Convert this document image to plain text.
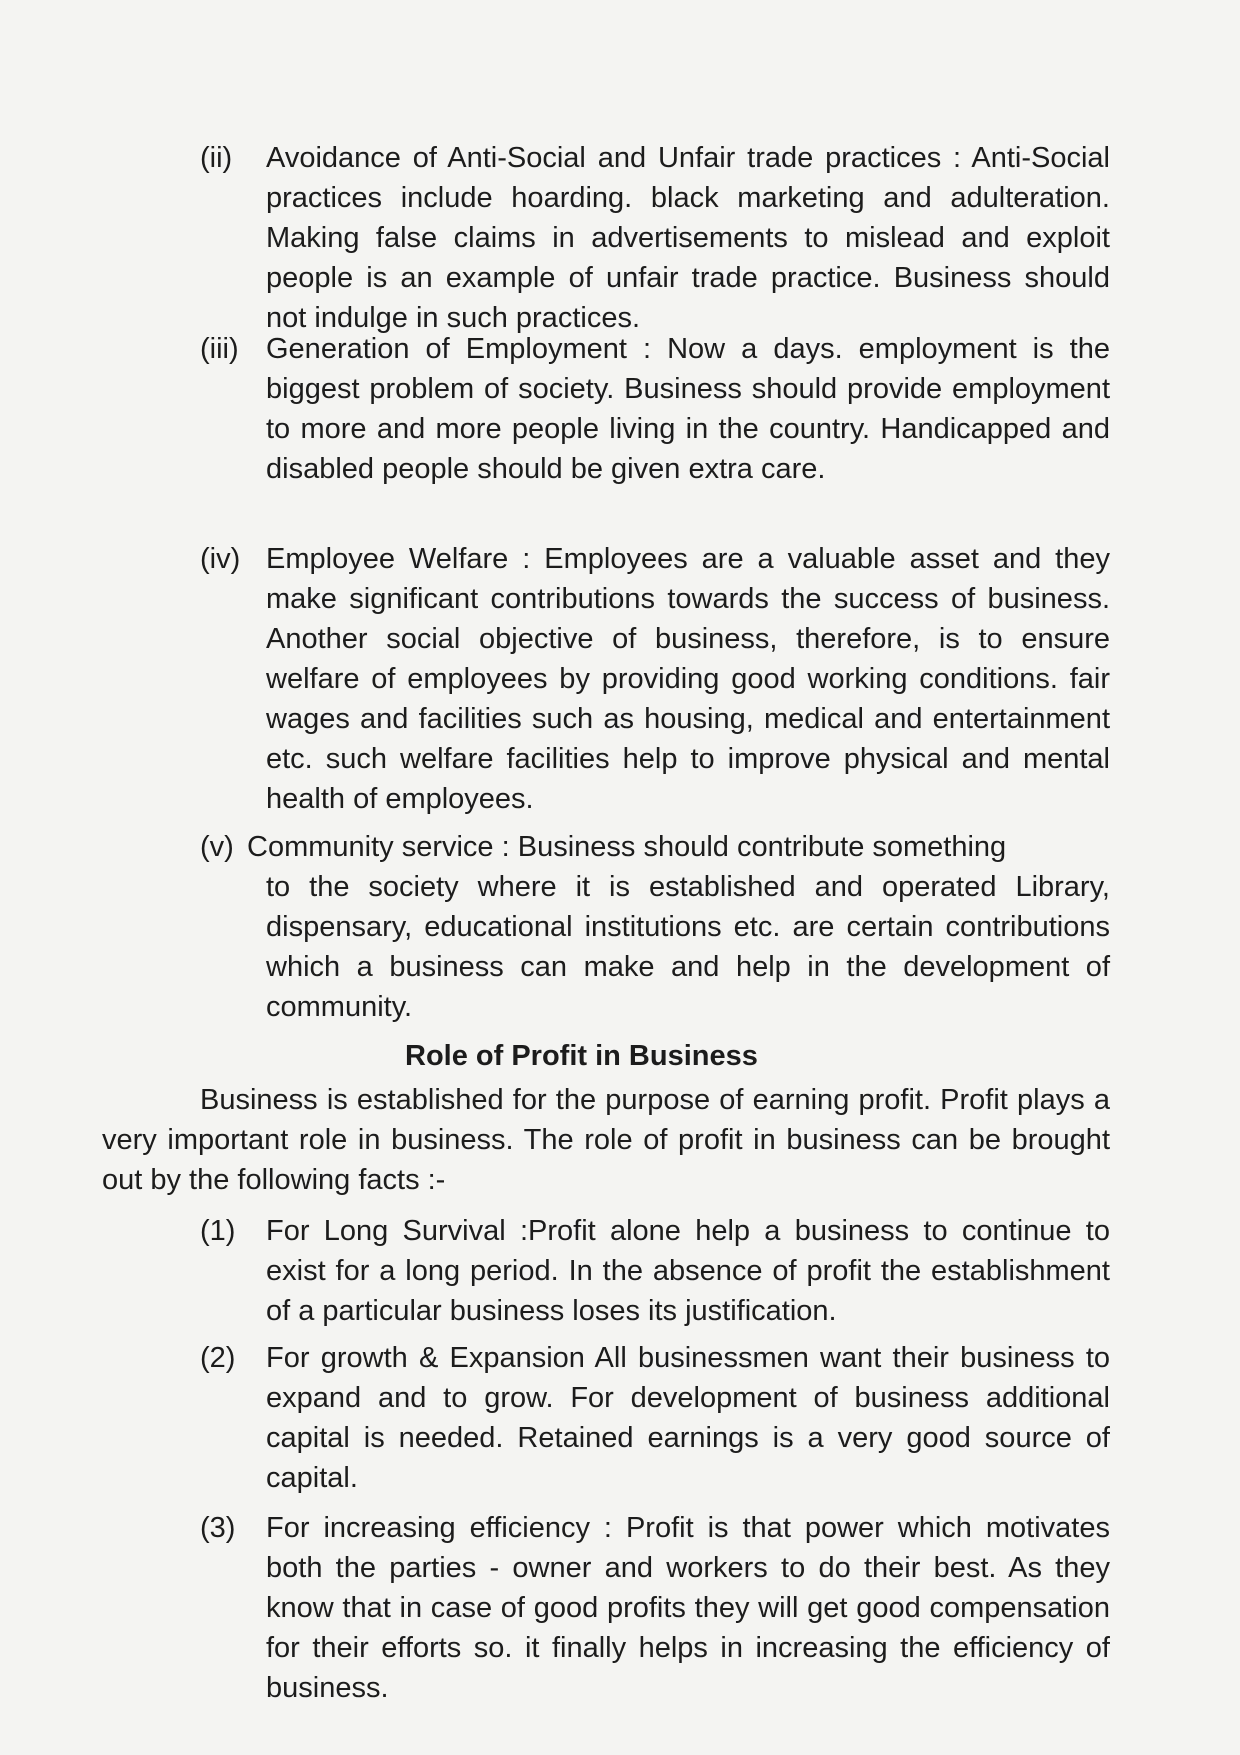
(ii) Avoidance of Anti-Social and Unfair trade practices : Anti-Social practices include hoarding. black marketing and adulteration. Making false claims in advertisements to mislead and exploit people is an example of unfair trade practice. Business should not indulge in such practices.
(iii) Generation of Employment : Now a days. employment is the biggest problem of society. Business should provide employment to more and more people living in the country. Handicapped and disabled people should be given extra care.
(iv) Employee Welfare : Employees are a valuable asset and they make significant contributions towards the success of business. Another social objective of business, therefore, is to ensure welfare of employees by providing good working conditions. fair wages and facilities such as housing, medical and entertainment etc. such welfare facilities help to improve physical and mental health of employees.
(v) Community service : Business should contribute something
to the society where it is established and operated Library, dispensary, educational institutions etc. are certain contributions which a business can make and help in the development of community.
Role of Profit in Business
Business is established for the purpose of earning profit. Profit plays a very important role in business. The role of profit in business can be brought out by the following facts :-
(1) For Long Survival :Profit alone help a business to continue to exist for a long period. In the absence of profit the establishment of a particular business loses its justification.
(2) For growth & Expansion All businessmen want their business to expand and to grow. For development of business additional capital is needed. Retained earnings is a very good source of capital.
(3) For increasing efficiency : Profit is that power which motivates both the parties - owner and workers to do their best. As they know that in case of good profits they will get good compensation for their efforts so. it finally helps in increasing the efficiency of business.
